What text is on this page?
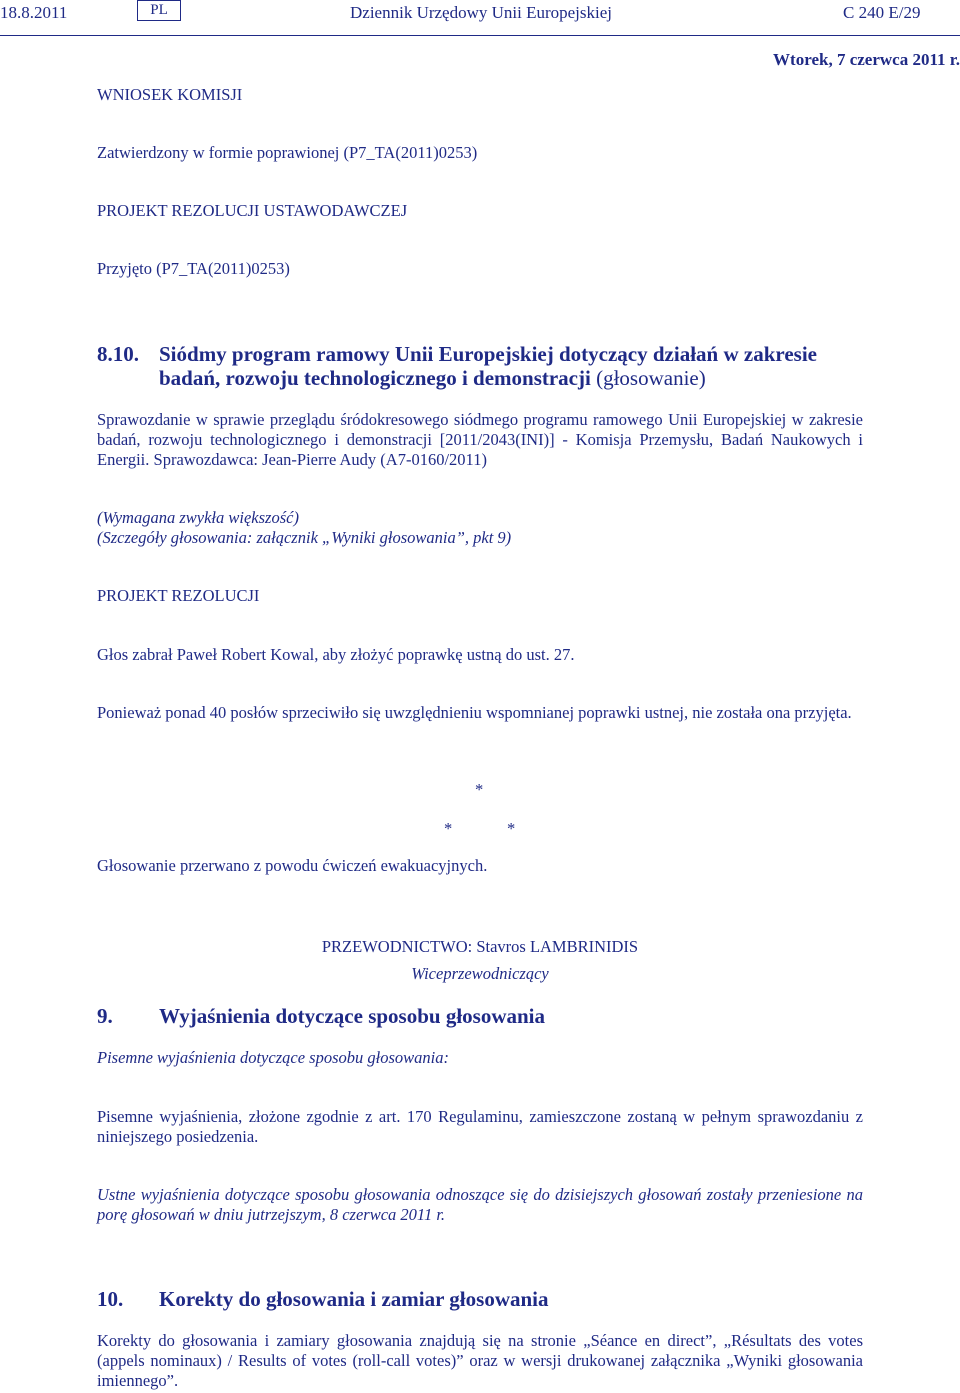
18.8.2011	PL	Dziennik Urzędowy Unii Europejskiej	C 240 E/29
Wtorek, 7 czerwca 2011 r.
WNIOSEK KOMISJI
Zatwierdzony w formie poprawionej (P7_TA(2011)0253)
PROJEKT REZOLUCJI USTAWODAWCZEJ
Przyjęto (P7_TA(2011)0253)
8.10. Siódmy program ramowy Unii Europejskiej dotyczący działań w zakresie
badań, rozwoju technologicznego i demonstracji (głosowanie)
Sprawozdanie w sprawie przeglądu śródokresowego siódmego programu ramowego Unii Europejskiej w zakresie badań, rozwoju technologicznego i demonstracji [2011/2043(INI)] - Komisja Przemysłu, Badań Naukowych i Energii. Sprawozdawca: Jean-Pierre Audy (A7-0160/2011)
(Wymagana zwykła większość)
(Szczegóły głosowania: załącznik „Wyniki głosowania”, pkt 9)
PROJEKT REZOLUCJI
Głos zabrał Paweł Robert Kowal, aby złożyć poprawkę ustną do ust. 27.
Ponieważ ponad 40 posłów sprzeciwiło się uwzględnieniu wspomnianej poprawki ustnej, nie została ona przyjęta.
*
*	*
Głosowanie przerwano z powodu ćwiczeń ewakuacyjnych.
PRZEWODNICTWO: Stavros LAMBRINIDIS
Wiceprzewodniczący
9. Wyjaśnienia dotyczące sposobu głosowania
Pisemne wyjaśnienia dotyczące sposobu głosowania:
Pisemne wyjaśnienia, złożone zgodnie z art. 170 Regulaminu, zamieszczone zostaną w pełnym sprawozdaniu z niniejszego posiedzenia.
Ustne wyjaśnienia dotyczące sposobu głosowania odnoszące się do dzisiejszych głosowań zostały przeniesione na porę głosowań w dniu jutrzejszym, 8 czerwca 2011 r.
10. Korekty do głosowania i zamiar głosowania
Korekty do głosowania i zamiary głosowania znajdują się na stronie „Séance en direct”, „Résultats des votes (appels nominaux) / Results of votes (roll-call votes)” oraz w wersji drukowanej załącznika „Wyniki głosowania imiennego”.
